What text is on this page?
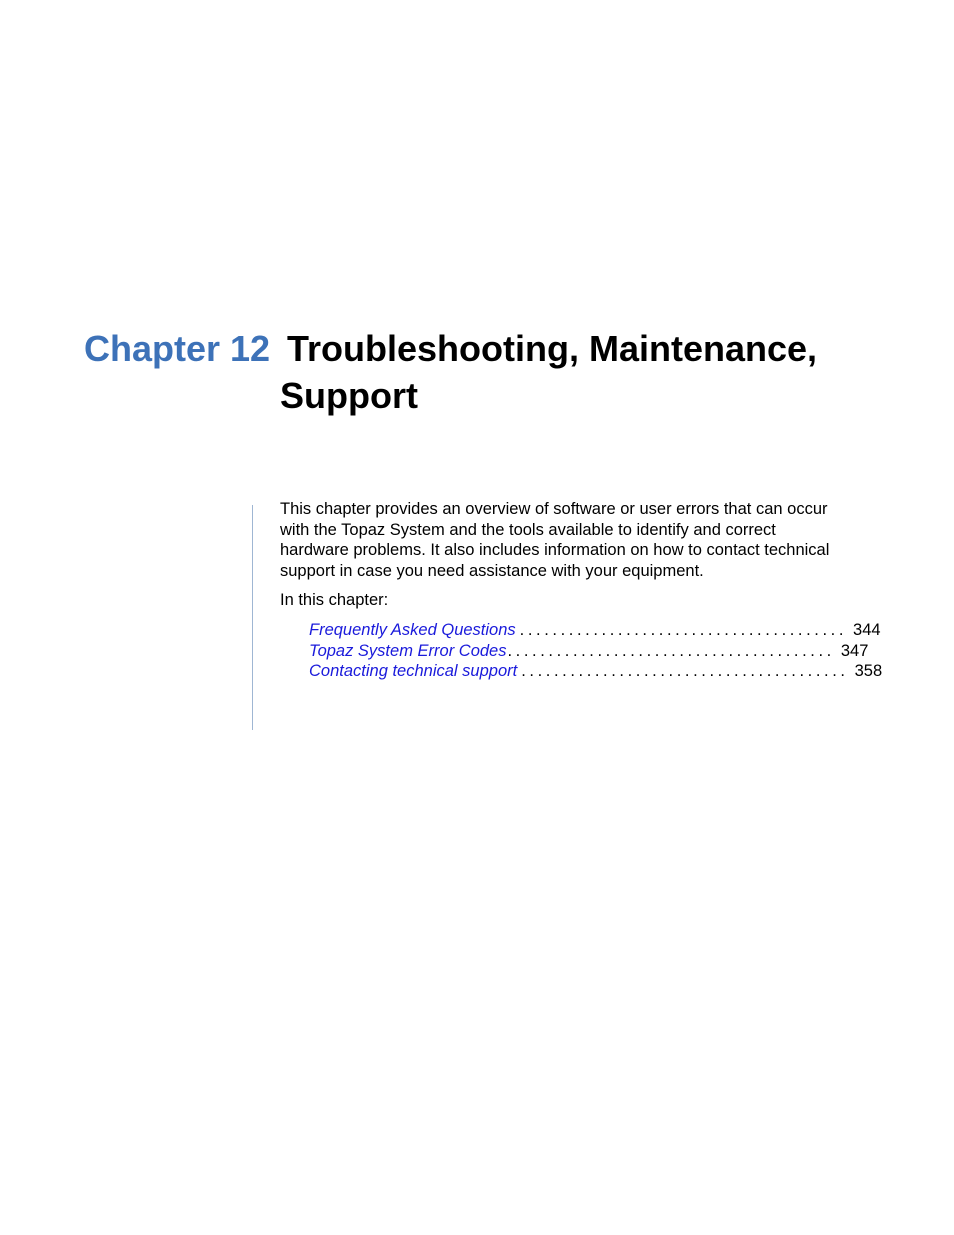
Chapter 12 Troubleshooting, Maintenance,
Support

This chapter provides an overview of software or user errors that can occur with the Topaz System and the tools available to identify and correct hardware problems. It also includes information on how to contact technical support in case you need assistance with your equipment.

In this chapter:

Frequently Asked Questions ........................................ 344
Topaz System Error Codes ........................................ 347
Contacting technical support ........................................ 358
